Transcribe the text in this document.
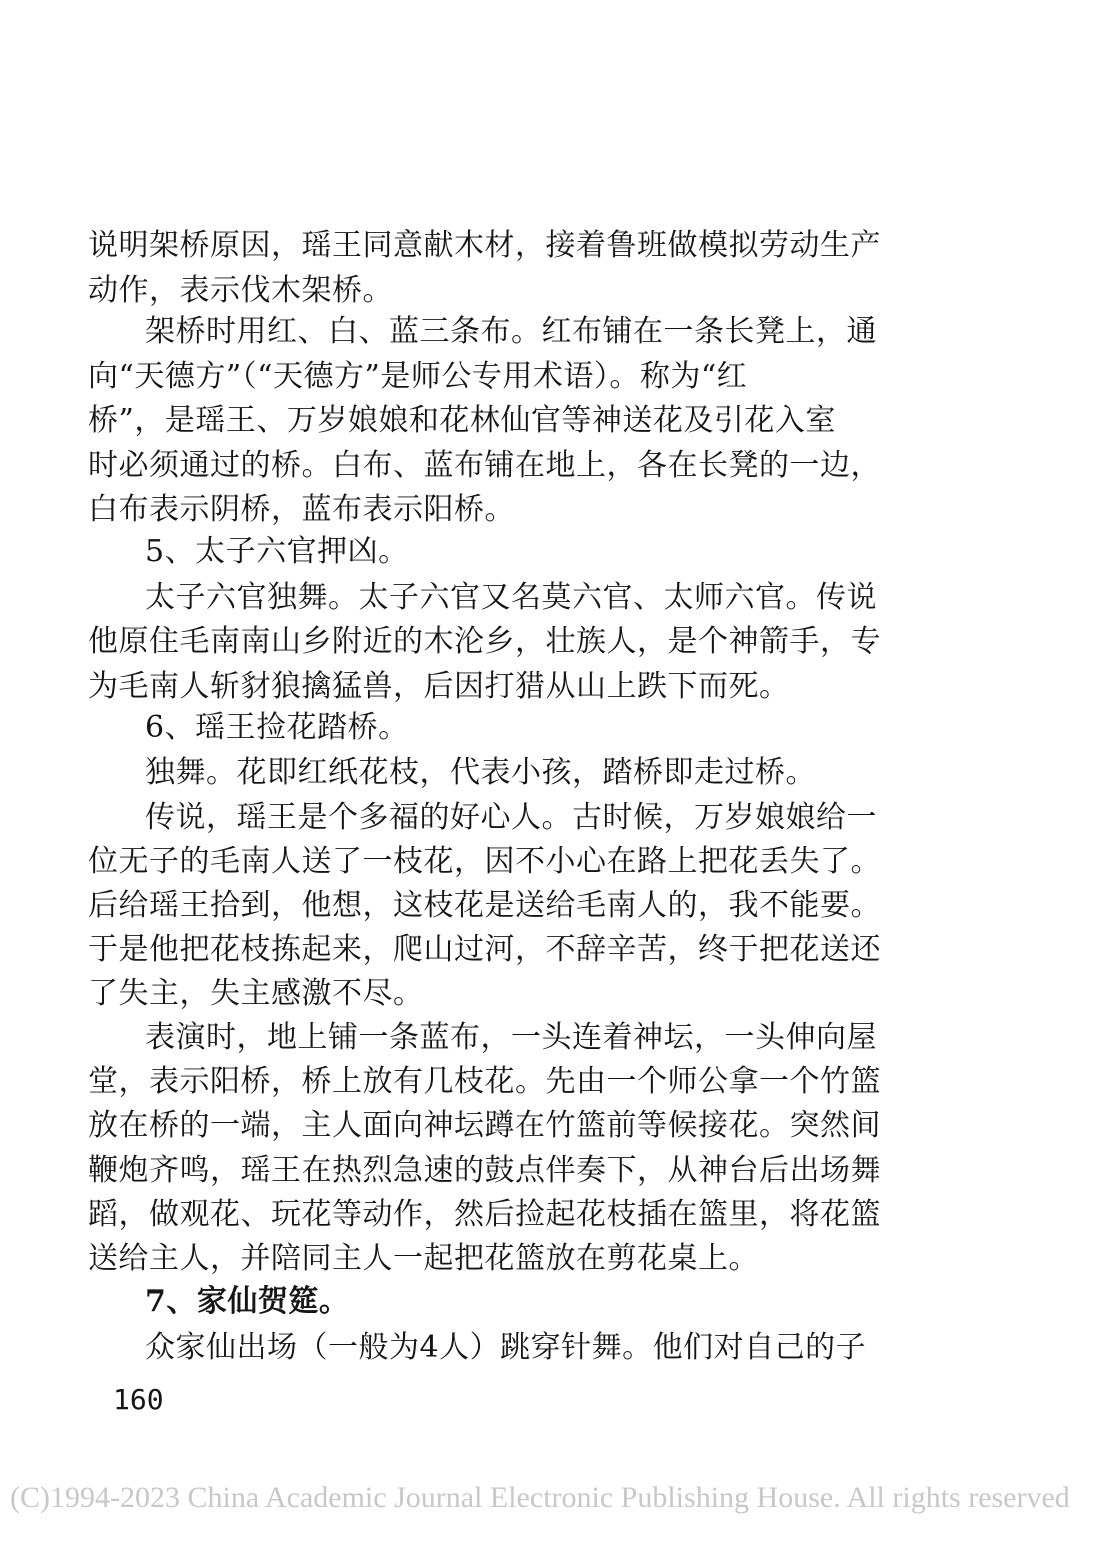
说明架桥原因，瑶王同意献木材，接着鲁班做模拟劳动生产
动作，表示伐木架桥。
架桥时用红、白、蓝三条布。红布铺在一条长凳上，通
向“天德方”（“天德方”是师公专用术语）。称为“红
桥”，是瑶王、万岁娘娘和花林仙官等神送花及引花入室
时必须通过的桥。白布、蓝布铺在地上，各在长凳的一边，
白布表示阴桥，蓝布表示阳桥。
5、太子六官押凶。
太子六官独舞。太子六官又名莫六官、太师六官。传说
他原住毛南南山乡附近的木沦乡，壮族人，是个神箭手，专
为毛南人斩豺狼擒猛兽，后因打猎从山上跌下而死。
6、瑶王捡花踏桥。
独舞。花即红纸花枝，代表小孩，踏桥即走过桥。
传说，瑶王是个多福的好心人。古时候，万岁娘娘给一
位无子的毛南人送了一枝花，因不小心在路上把花丢失了。
后给瑶王拾到，他想，这枝花是送给毛南人的，我不能要。
于是他把花枝拣起来，爬山过河，不辞辛苦，终于把花送还
了失主，失主感激不尽。
表演时，地上铺一条蓝布，一头连着神坛，一头伸向屋
堂，表示阳桥，桥上放有几枝花。先由一个师公拿一个竹篮
放在桥的一端，主人面向神坛蹲在竹篮前等候接花。突然间
鞭炮齐鸣，瑶王在热烈急速的鼓点伴奏下，从神台后出场舞
蹈，做观花、玩花等动作，然后捡起花枝插在篮里，将花篮
送给主人，并陪同主人一起把花篮放在剪花桌上。
7、家仙贺筵。
众家仙出场（一般为4人）跳穿针舞。他们对自己的子
160
(C)1994-2023 China Academic Journal Electronic Publishing House. All rights reserved
